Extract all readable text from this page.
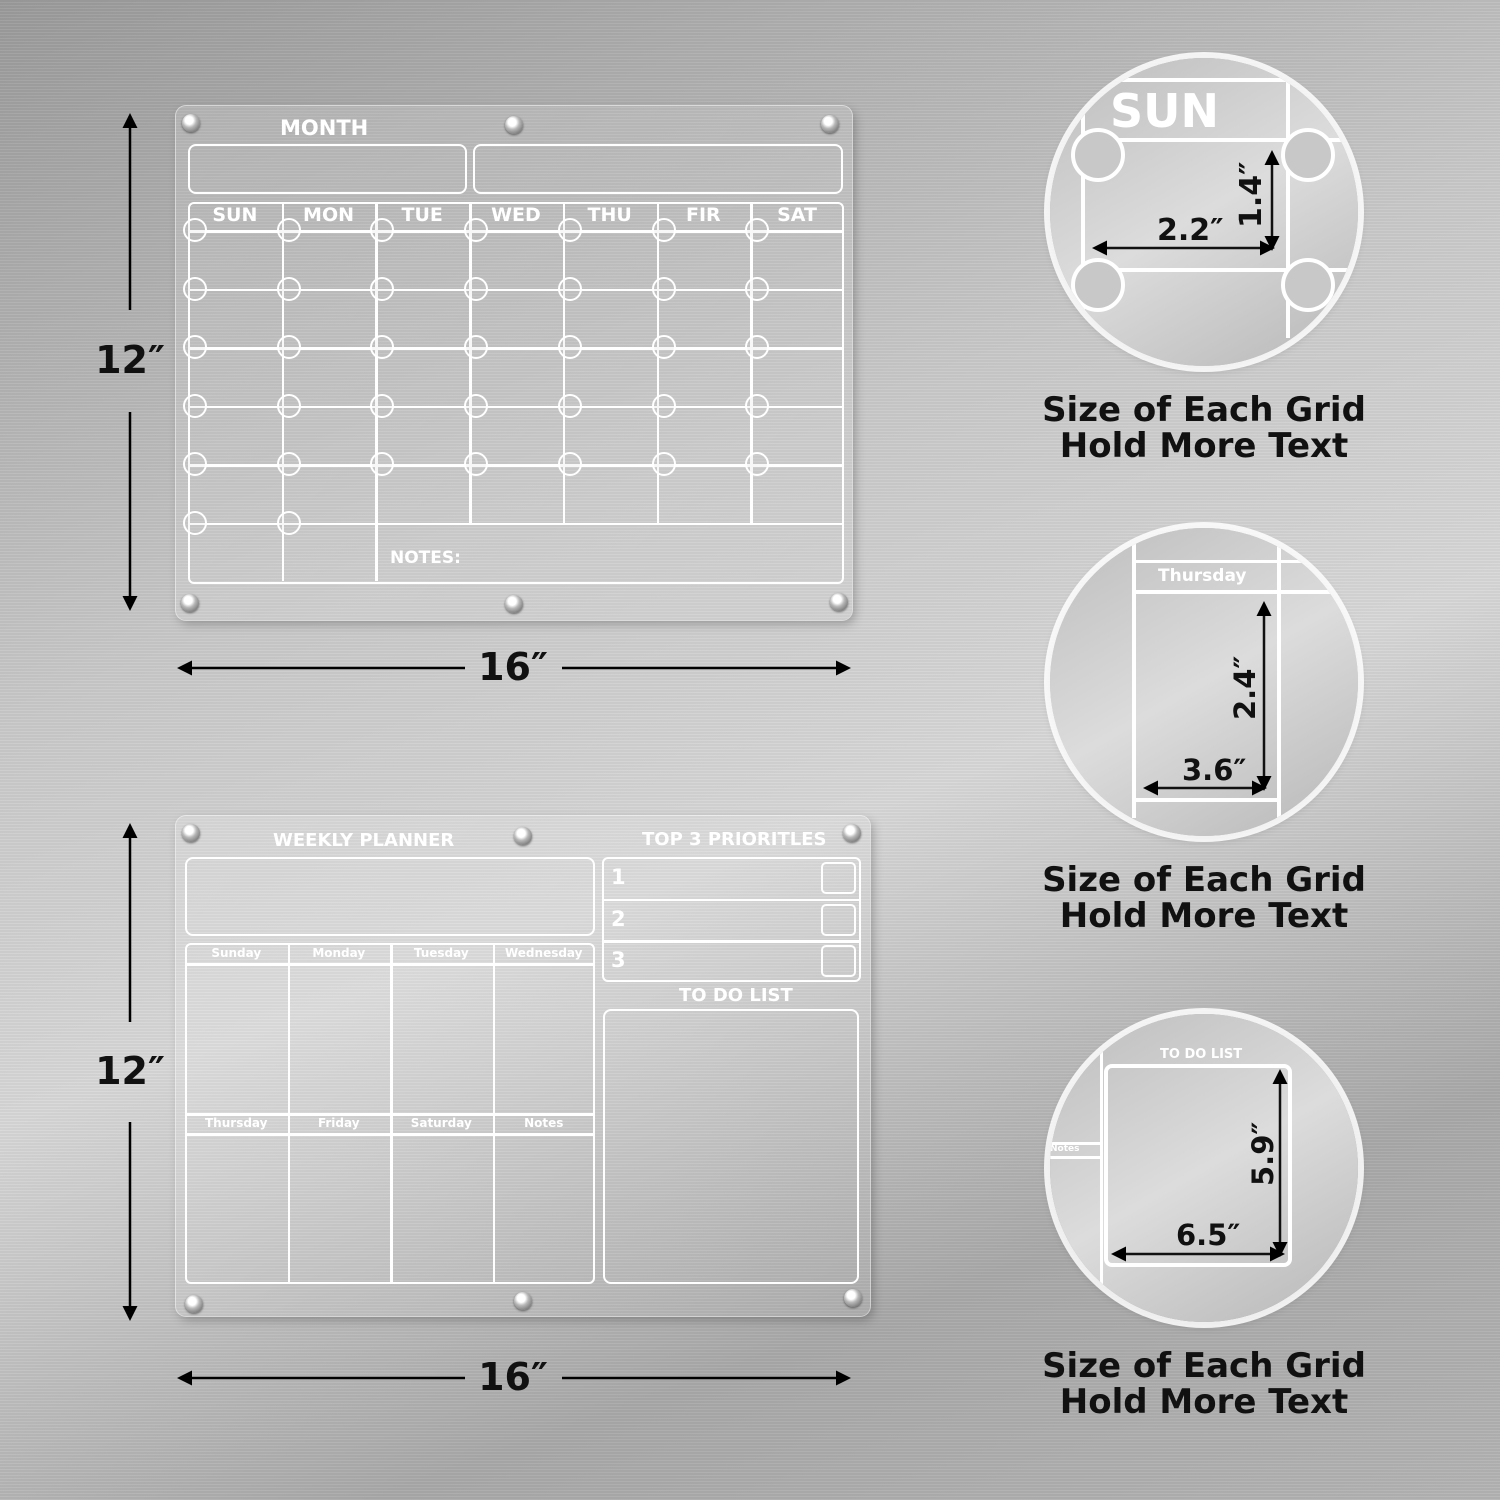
12″
16″
12″
16″
MONTH
SUN	MON	TUE	WED	THU	FIR	SAT
NOTES:
WEEKLY PLANNER
Sunday	Monday	Tuesday	Wednesday
Thursday	Friday	Saturday	Notes
TOP 3 PRIORITLES
1
2
3
TO DO LIST
SUN
2.2″
1.4″
Size of Each Grid
Hold More Text
Thursday
3.6″
2.4″
Size of Each Grid
Hold More Text
Notes
TO DO LIST
6.5″
5.9″
Size of Each Grid
Hold More Text
